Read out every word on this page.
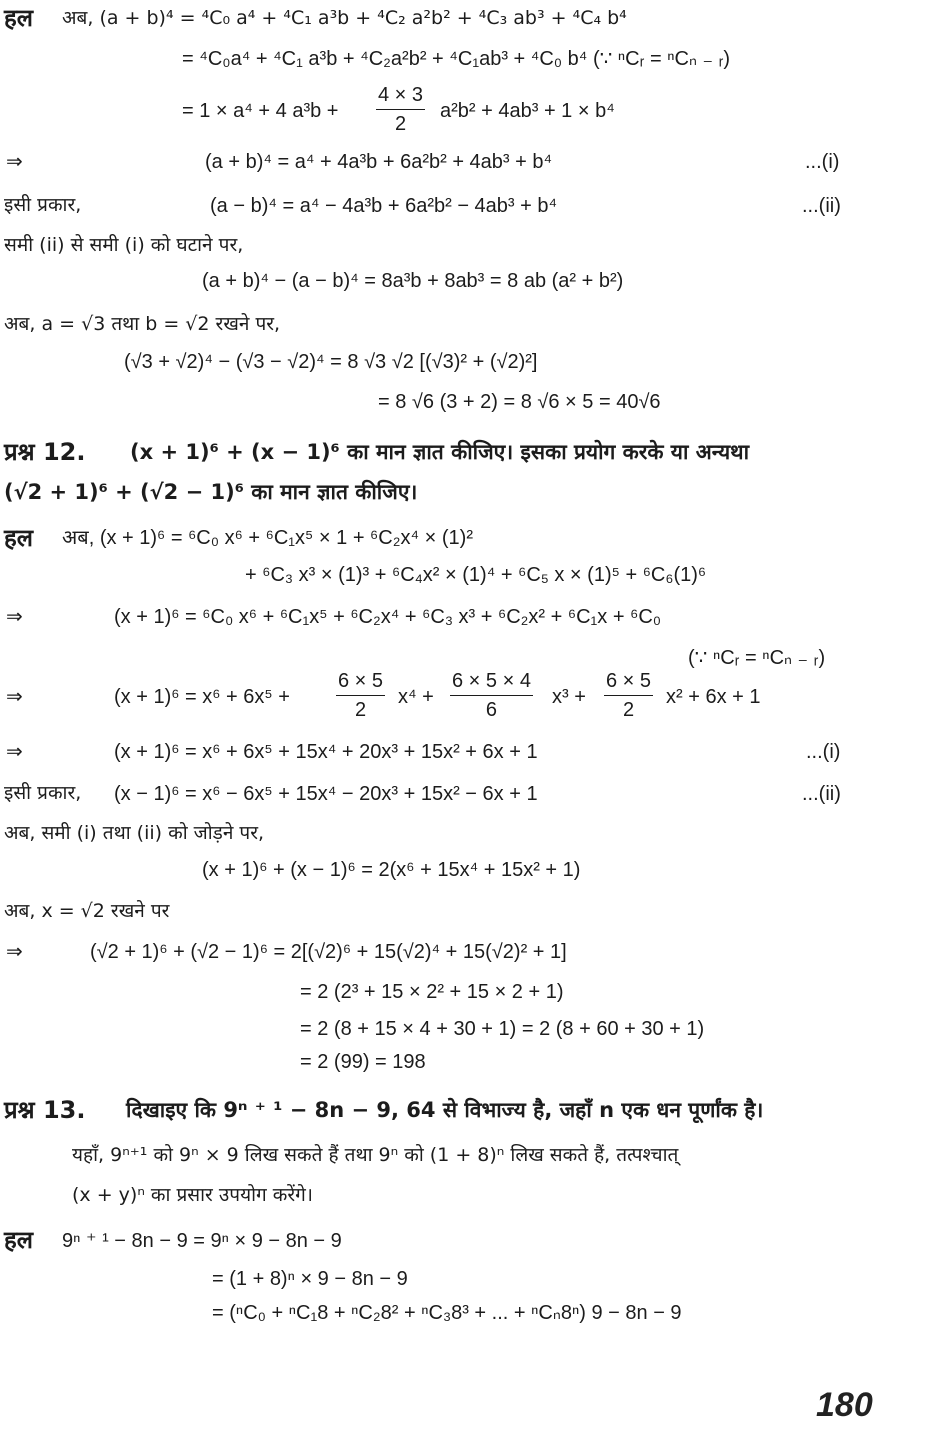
हल अब, (a + b)⁴ = ⁴C₀ a⁴ + ⁴C₁ a³b + ⁴C₂ a²b² + ⁴C₃ ab³ + ⁴C₄ b⁴
= ⁴C₀a⁴ + ⁴C₁ a³b + ⁴C₂a²b² + ⁴C₁ab³ + ⁴C₀ b⁴ (∵ ⁿCᵣ = ⁿCₙ ₋ ᵣ)
= 1 × a⁴ + 4 $a^3b + \frac{4 \times 3}{2} a^2b^2 + 4ab^3 + 1 \times b^4$
⇒	(a + b)⁴ = a⁴ + 4a³b + 6a²b² + 4ab³ + b⁴	...(i)
इसी प्रकार,	(a − b)⁴ = a⁴ − 4a³b + 6a²b² − 4ab³ + b⁴	...(ii)
समी (ii) से समी (i) को घटाने पर,
(a + b)⁴ − (a − b)⁴ = 8a³b + 8ab³ = 8 ab (a² + b²)
अब, a = √3 तथा b = √2 रखने पर,
(√3 + √2)⁴ − (√3 − √2)⁴ = 8 √3 √2 [(√3)² + (√2)²]
= 8 √6 (3 + 2) = 8 √6 × 5 = 40√6
प्रश्न 12. (x + 1)⁶ + (x − 1)⁶ का मान ज्ञात कीजिए। इसका प्रयोग करके या अन्यथा
(√2 + 1)⁶ + (√2 − 1)⁶ का मान ज्ञात कीजिए।
हल अब, (x + 1)⁶ = ⁶C₀ x⁶ + ⁶C₁x⁵ × 1 + ⁶C₂x⁴ × (1)²
+ ⁶C₃ x³ × (1)³ + ⁶C₄x² × (1)⁴ + ⁶C₅ x × (1)⁵ + ⁶C₆(1)⁶
⇒	(x + 1)⁶ = ⁶C₀ x⁶ + ⁶C₁x⁵ + ⁶C₂x⁴ + ⁶C₃ x³ + ⁶C₂x² + ⁶C₁x + ⁶C₀
(∵ ⁿCᵣ = ⁿCₙ ₋ ᵣ)
⇒	$(x + 1)^6 = x^6 + 6x^5 + \frac{6 \times 5}{2} x^4 + \frac{6 \times 5 \times 4}{6} x^3 + \frac{6 \times 5}{2} x^2 + 6x + 1$
⇒	(x + 1)⁶ = x⁶ + 6x⁵ + 15x⁴ + 20x³ + 15x² + 6x + 1	...(i)
इसी प्रकार, (x − 1)⁶ = x⁶ − 6x⁵ + 15x⁴ − 20x³ + 15x² − 6x + 1	...(ii)
अब, समी (i) तथा (ii) को जोड़ने पर,
(x + 1)⁶ + (x − 1)⁶ = 2(x⁶ + 15x⁴ + 15x² + 1)
अब, x = √2 रखने पर
⇒	(√2 + 1)⁶ + (√2 − 1)⁶ = 2[(√2)⁶ + 15(√2)⁴ + 15(√2)² + 1]
= 2 (2³ + 15 × 2² + 15 × 2 + 1)
= 2 (8 + 15 × 4 + 30 + 1) = 2 (8 + 60 + 30 + 1)
= 2 (99) = 198
प्रश्न 13. दिखाइए कि 9ⁿ ⁺ ¹ − 8n − 9, 64 से विभाज्य है, जहाँ n एक धन पूर्णांक है।
यहाँ, 9ⁿ⁺¹ को 9ⁿ × 9 लिख सकते हैं तथा 9ⁿ को (1 + 8)ⁿ लिख सकते हैं, तत्पश्चात्
(x + y)ⁿ का प्रसार उपयोग करेंगे।
हल 9ⁿ ⁺ ¹ − 8n − 9 = 9ⁿ × 9 − 8n − 9
= (1 + 8)ⁿ × 9 − 8n − 9
= (ⁿC₀ + ⁿC₁8 + ⁿC₂8² + ⁿC₃8³ + ... + ⁿCₙ8ⁿ) 9 − 8n − 9
180
